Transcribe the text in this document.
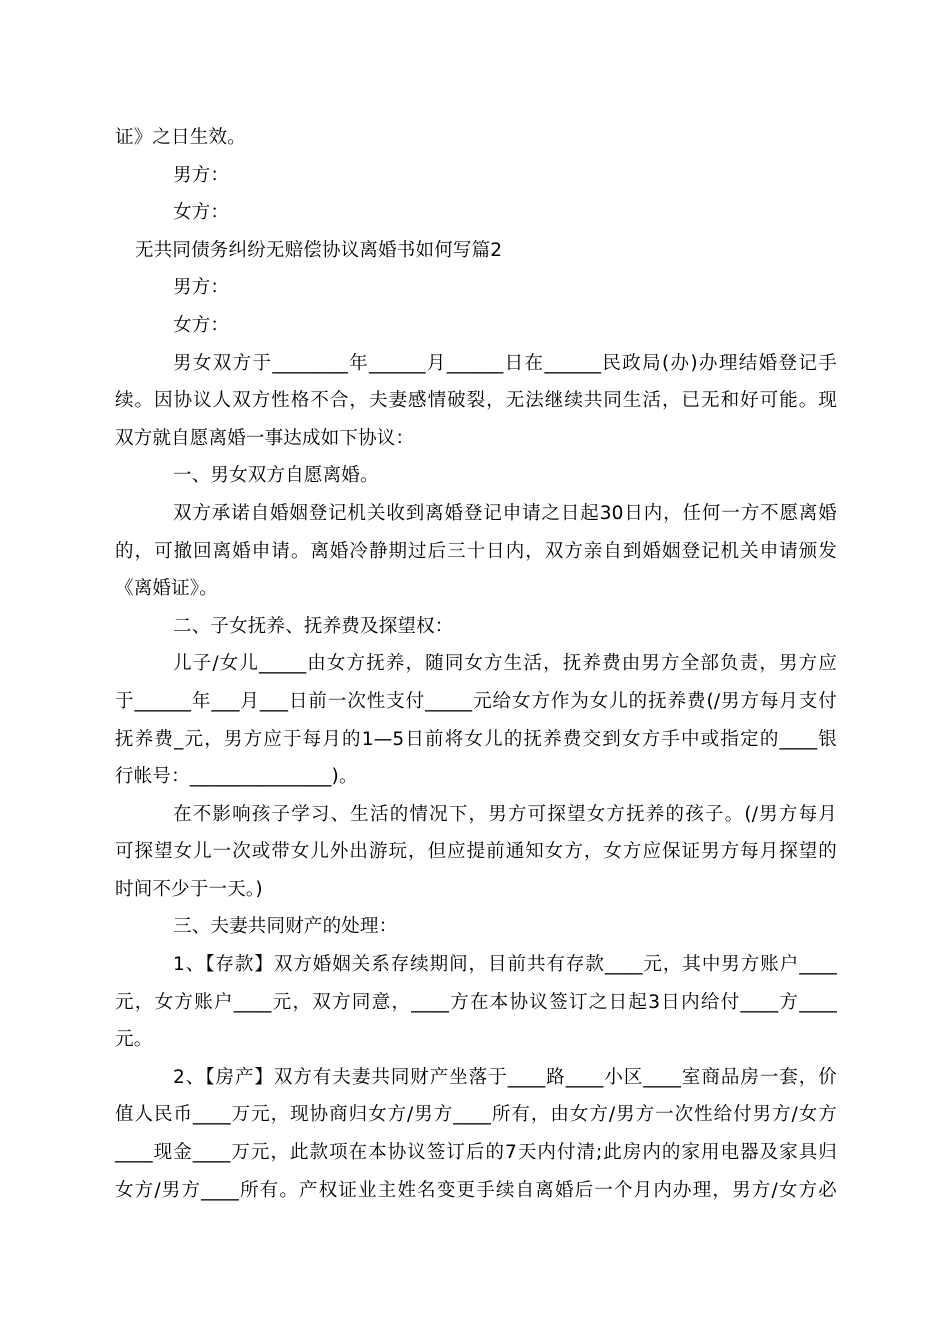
证》之日生效。
男方：
女方：
无共同债务纠纷无赔偿协议离婚书如何写篇2
男方：
女方：
男女双方于________年______月______日在______民政局(办)办理结婚登记手
续。因协议人双方性格不合，夫妻感情破裂，无法继续共同生活，已无和好可能。现
双方就自愿离婚一事达成如下协议：
一、男女双方自愿离婚。
双方承诺自婚姻登记机关收到离婚登记申请之日起30日内，任何一方不愿离婚
的，可撤回离婚申请。离婚冷静期过后三十日内，双方亲自到婚姻登记机关申请颁发
《离婚证》。
二、子女抚养、抚养费及探望权：
儿子/女儿_____由女方抚养，随同女方生活，抚养费由男方全部负责，男方应
于______年___月___日前一次性支付_____元给女方作为女儿的抚养费(/男方每月支付
抚养费_元，男方应于每月的1—5日前将女儿的抚养费交到女方手中或指定的____银
行帐号：_______________)。
在不影响孩子学习、生活的情况下，男方可探望女方抚养的孩子。(/男方每月
可探望女儿一次或带女儿外出游玩，但应提前通知女方，女方应保证男方每月探望的
时间不少于一天。)
三、夫妻共同财产的处理：
1、【存款】双方婚姻关系存续期间，目前共有存款____元，其中男方账户____
元，女方账户____元，双方同意，____方在本协议签订之日起3日内给付____方____
元。
2、【房产】双方有夫妻共同财产坐落于____路____小区____室商品房一套，价
值人民币____万元，现协商归女方/男方____所有，由女方/男方一次性给付男方/女方
____现金____万元，此款项在本协议签订后的7天内付清;此房内的家用电器及家具归
女方/男方____所有。产权证业主姓名变更手续自离婚后一个月内办理，男方/女方必
